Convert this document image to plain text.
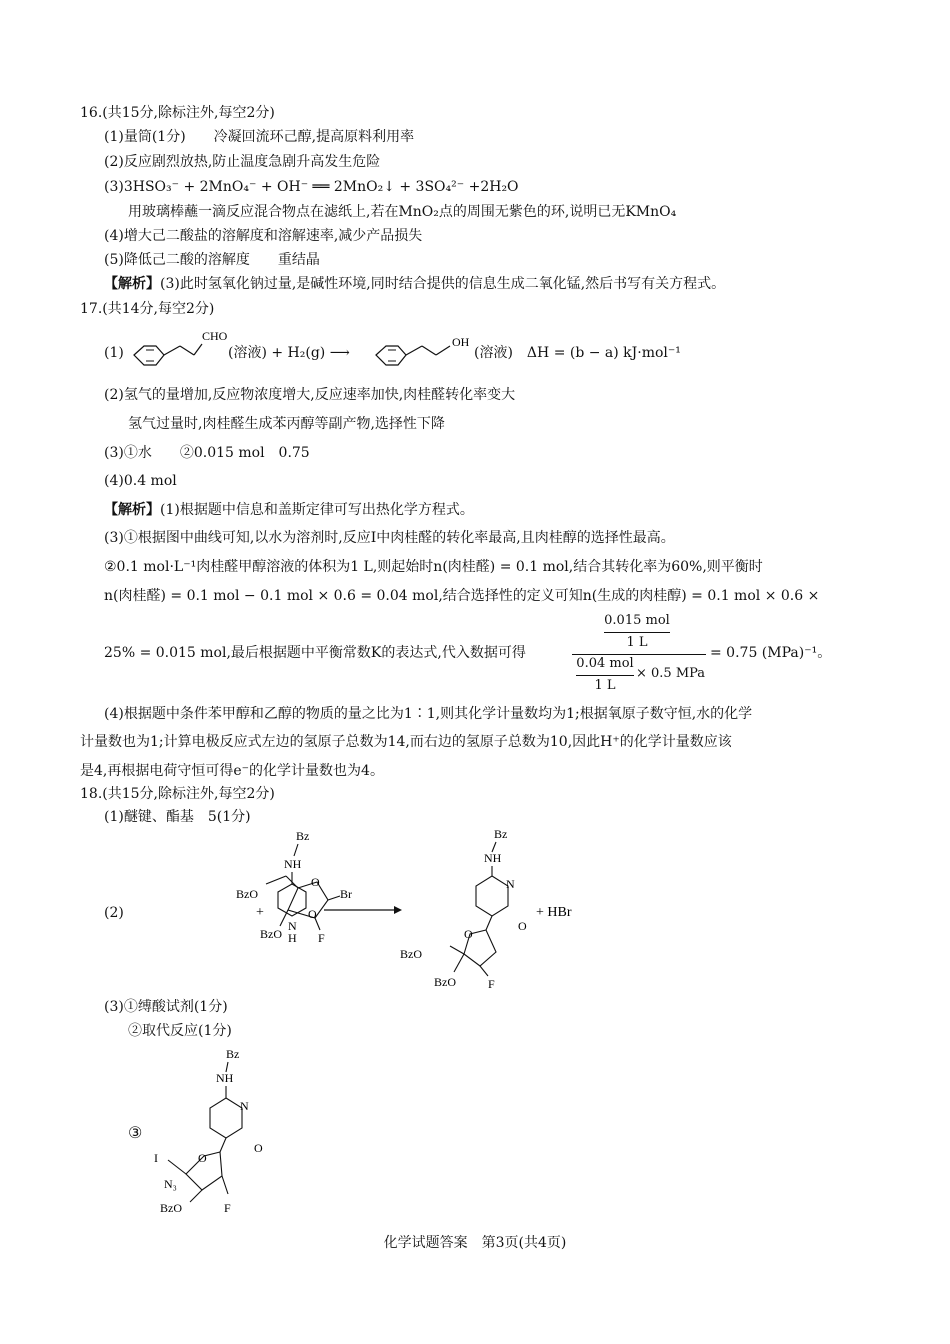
16.(共15分,除标注外,每空2分)
(1)量筒(1分)　　冷凝回流环己醇,提高原料利用率
(2)反应剧烈放热,防止温度急剧升高发生危险
(3)3HSO₃⁻ + 2MnO₄⁻ + OH⁻ ══ 2MnO₂↓ + 3SO₄²⁻ +2H₂O
用玻璃棒蘸一滴反应混合物点在滤纸上,若在MnO₂点的周围无紫色的环,说明已无KMnO₄
(4)增大己二酸盐的溶解度和溶解速率,减少产品损失
(5)降低己二酸的溶解度　　重结晶
【解析】(3)此时氢氧化钠过量,是碱性环境,同时结合提供的信息生成二氧化锰,然后书写有关方程式。
17.(共14分,每空2分)
(1)
CHO
(溶液) + H₂(g) ⟶
OH
(溶液)　ΔH = (b − a) kJ·mol⁻¹
(2)氢气的量增加,反应物浓度增大,反应速率加快,肉桂醛转化率变大
氢气过量时,肉桂醛生成苯丙醇等副产物,选择性下降
(3)①水　　②0.015 mol　0.75
(4)0.4 mol
【解析】(1)根据题中信息和盖斯定律可写出热化学方程式。
(3)①根据图中曲线可知,以水为溶剂时,反应Ⅰ中肉桂醛的转化率最高,且肉桂醇的选择性最高。
②0.1 mol·L⁻¹肉桂醛甲醇溶液的体积为1 L,则起始时n(肉桂醛) = 0.1 mol,结合其转化率为60%,则平衡时
n(肉桂醛) = 0.1 mol − 0.1 mol × 0.6 = 0.04 mol,结合选择性的定义可知n(生成的肉桂醇) = 0.1 mol × 0.6 ×
25% = 0.015 mol,最后根据题中平衡常数K的表达式,代入数据可得
0.015 mol
1 L
0.04 mol
1 L
× 0.5 MPa
= 0.75 (MPa)⁻¹。
(4)根据题中条件苯甲醇和乙醇的物质的量之比为1∶1,则其化学计量数均为1;根据氧原子数守恒,水的化学
计量数也为1;计算电极反应式左边的氢原子总数为14,而右边的氢原子总数为10,因此H⁺的化学计量数应该
是4,再根据电荷守恒可得e⁻的化学计量数也为4。
18.(共15分,除标注外,每空2分)
(1)醚键、酯基　5(1分)
(2)

O
Br
BzO
BzO	F
+
Bz
NH
O
N
H
Bz
NH
N
O
O
BzO
BzO	F
+ HBr
(3)①缚酸试剂(1分)
②取代反应(1分)
③
Bz
NH
N
O
O
I
N₃
BzO	F
化学试题答案　第3页(共4页)
